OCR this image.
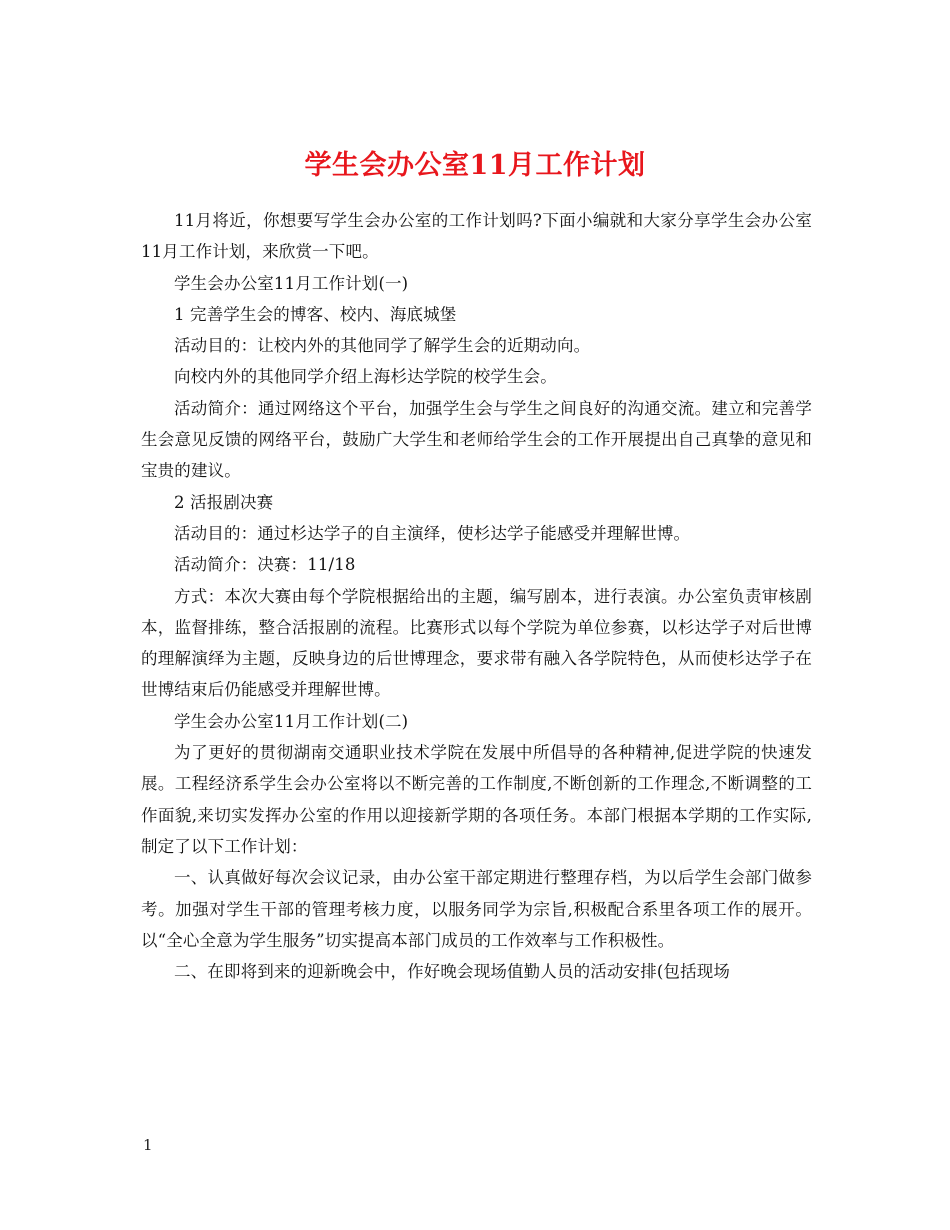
学生会办公室11月工作计划

11月将近，你想要写学生会办公室的工作计划吗?下面小编就和大家分享学生会办公室11月工作计划，来欣赏一下吧。

学生会办公室11月工作计划(一)

1 完善学生会的博客、校内、海底城堡

活动目的：让校内外的其他同学了解学生会的近期动向。

向校内外的其他同学介绍上海杉达学院的校学生会。

活动简介：通过网络这个平台，加强学生会与学生之间良好的沟通交流。建立和完善学生会意见反馈的网络平台，鼓励广大学生和老师给学生会的工作开展提出自己真挚的意见和宝贵的建议。

2 活报剧决赛

活动目的：通过杉达学子的自主演绎，使杉达学子能感受并理解世博。

活动简介：决赛：11/18

方式：本次大赛由每个学院根据给出的主题，编写剧本，进行表演。办公室负责审核剧本，监督排练，整合活报剧的流程。比赛形式以每个学院为单位参赛，以杉达学子对后世博的理解演绎为主题，反映身边的后世博理念，要求带有融入各学院特色，从而使杉达学子在世博结束后仍能感受并理解世博。

学生会办公室11月工作计划(二)

为了更好的贯彻湖南交通职业技术学院在发展中所倡导的各种精神,促进学院的快速发展。工程经济系学生会办公室将以不断完善的工作制度,不断创新的工作理念,不断调整的工作面貌,来切实发挥办公室的作用以迎接新学期的各项任务。本部门根据本学期的工作实际,制定了以下工作计划：

一、认真做好每次会议记录，由办公室干部定期进行整理存档，为以后学生会部门做参考。加强对学生干部的管理考核力度，以服务同学为宗旨,积极配合系里各项工作的展开。以“全心全意为学生服务”切实提高本部门成员的工作效率与工作积极性。

二、在即将到来的迎新晚会中，作好晚会现场值勤人员的活动安排(包括现场

1
